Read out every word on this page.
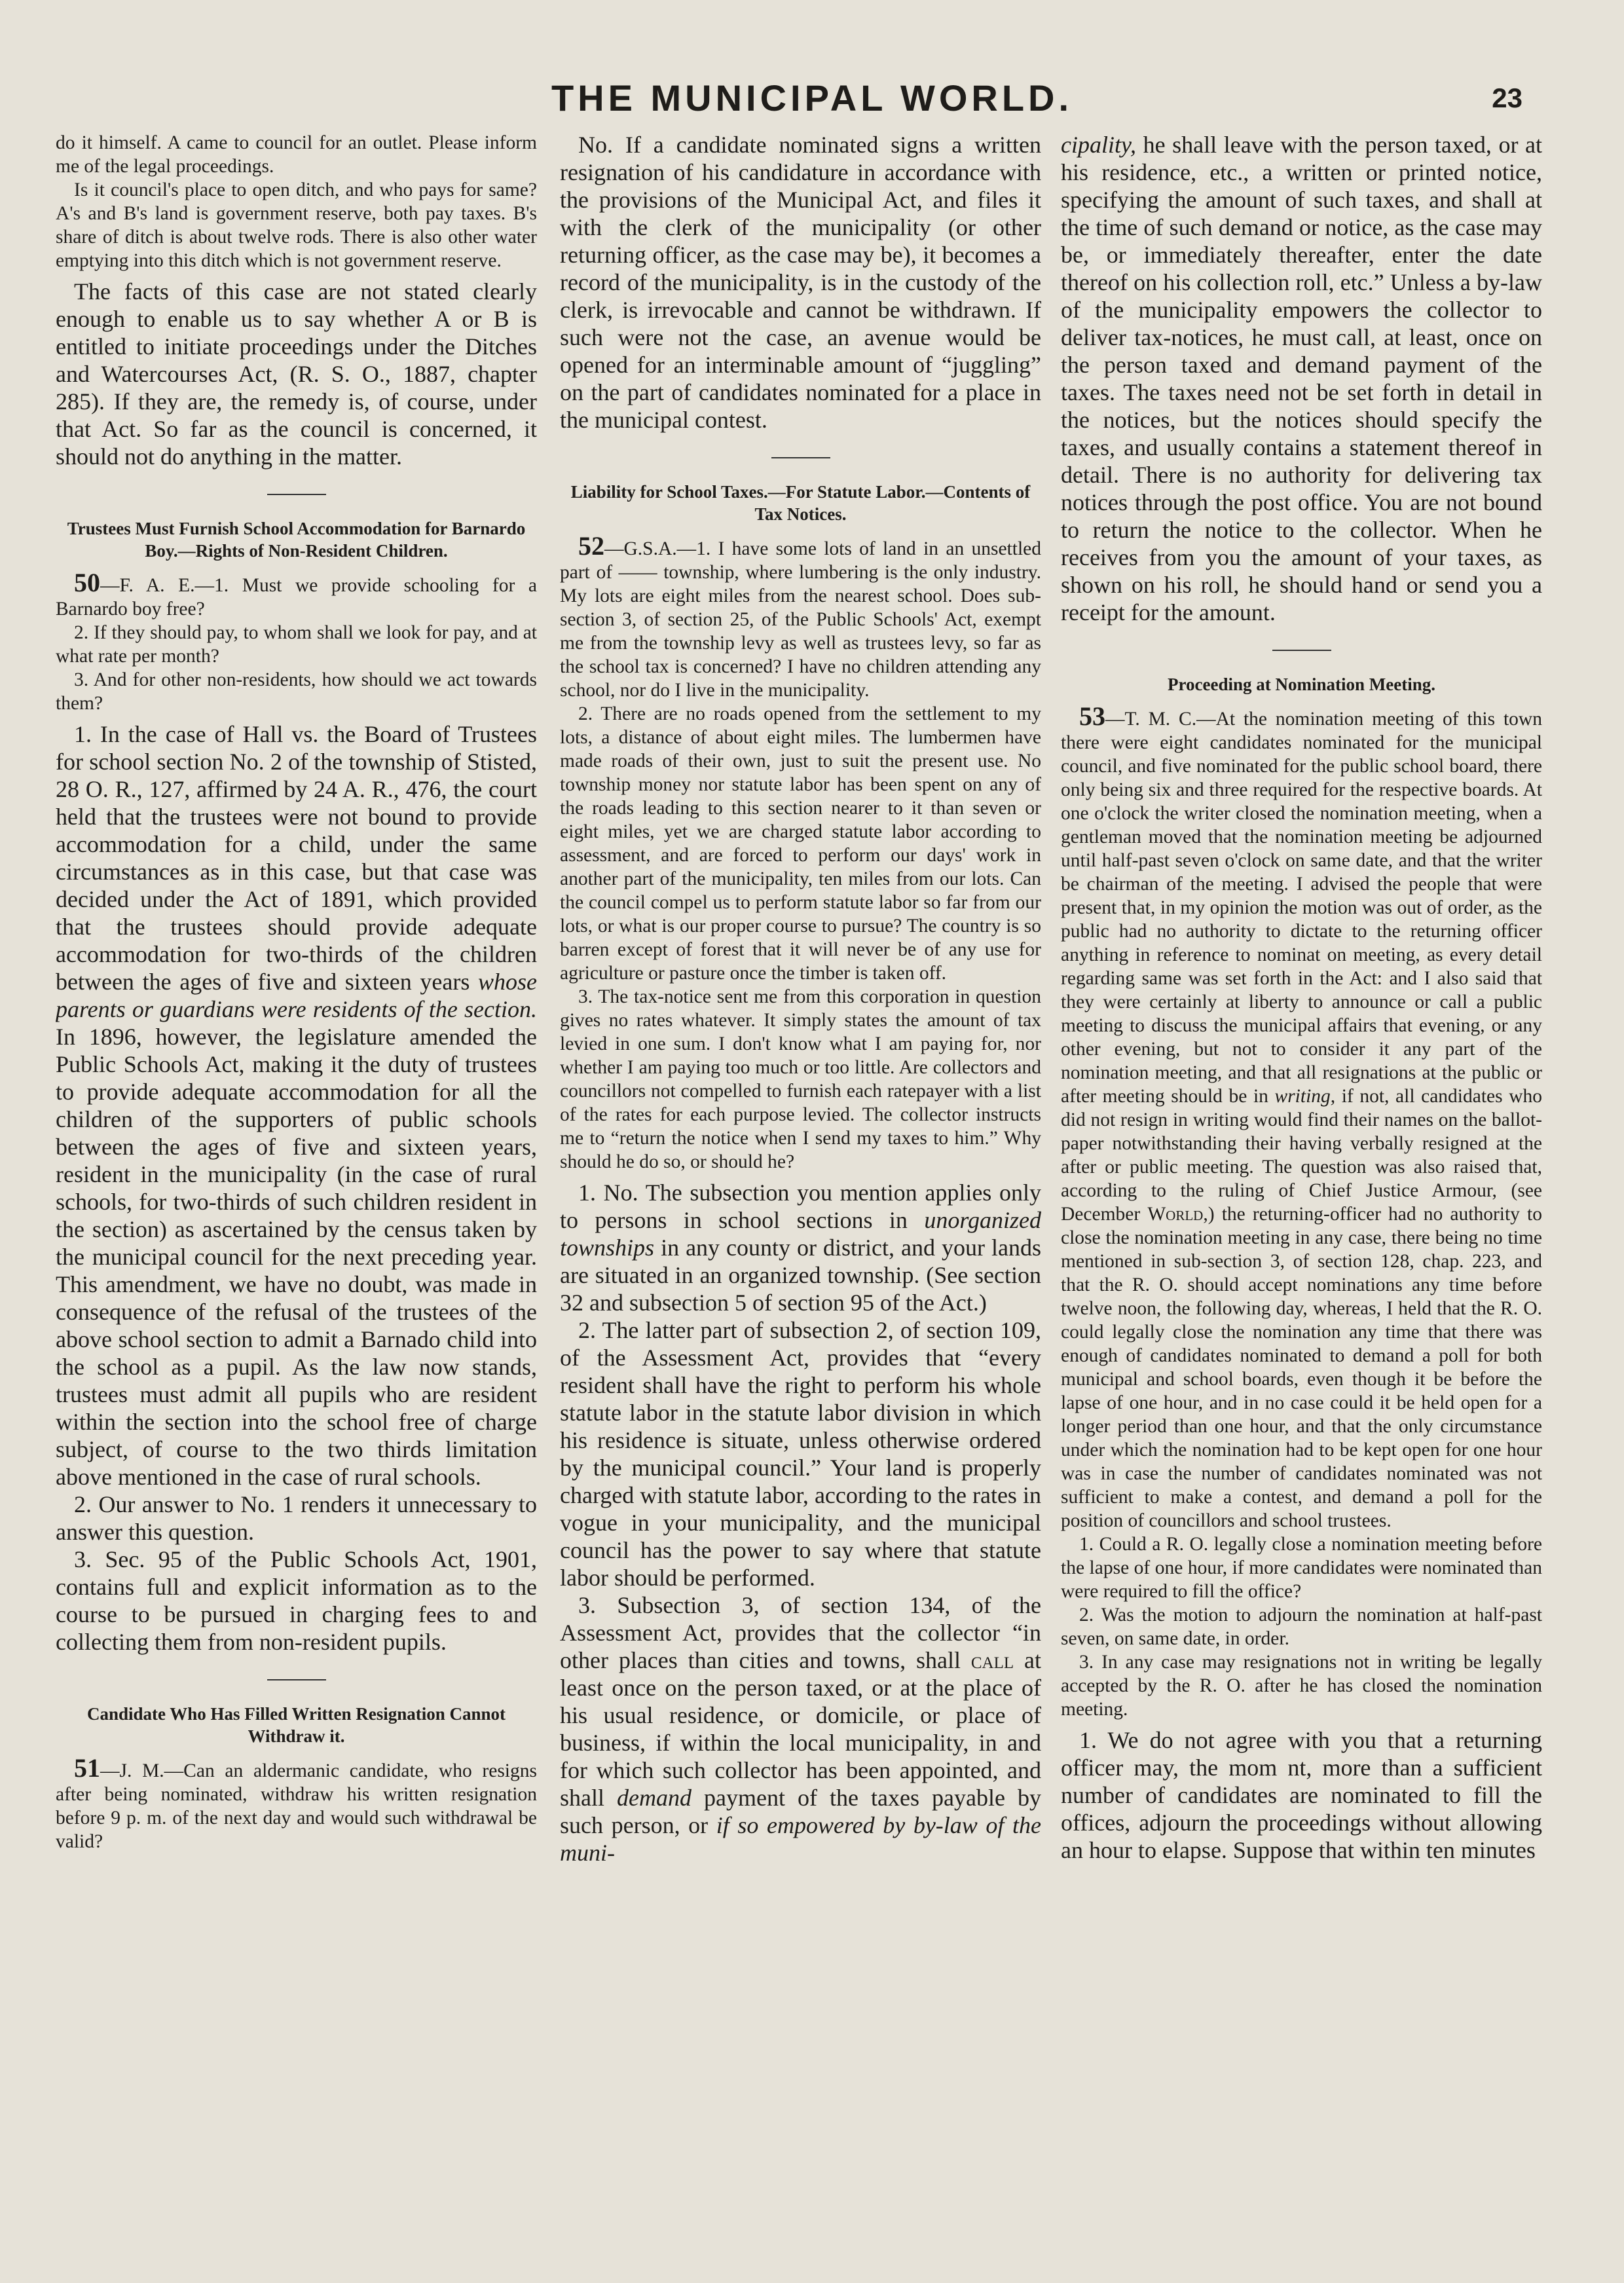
THE MUNICIPAL WORLD.	23

do it himself. A came to council for an outlet. Please inform me of the legal proceedings.

Is it council's place to open ditch, and who pays for same? A's and B's land is government reserve, both pay taxes. B's share of ditch is about twelve rods. There is also other water emptying into this ditch which is not government reserve.

The facts of this case are not stated clearly enough to enable us to say whether A or B is entitled to initiate proceedings under the Ditches and Watercourses Act, (R. S. O., 1887, chapter 285). If they are, the remedy is, of course, under that Act. So far as the council is concerned, it should not do anything in the matter.

Trustees Must Furnish School Accommodation for Barnardo Boy.—Rights of Non-Resident Children.

50—F. A. E.—1. Must we provide schooling for a Barnardo boy free?

2. If they should pay, to whom shall we look for pay, and at what rate per month?

3. And for other non-residents, how should we act towards them?

1. In the case of Hall vs. the Board of Trustees for school section No. 2 of the township of Stisted, 28 O. R., 127, affirmed by 24 A. R., 476, the court held that the trustees were not bound to provide accommodation for a child, under the same circumstances as in this case, but that case was decided under the Act of 1891, which provided that the trustees should provide adequate accommodation for two-thirds of the children between the ages of five and sixteen years whose parents or guardians were residents of the section. In 1896, however, the legislature amended the Public Schools Act, making it the duty of trustees to provide adequate accommodation for all the children of the supporters of public schools between the ages of five and sixteen years, resident in the municipality (in the case of rural schools, for two-thirds of such children resident in the section) as ascertained by the census taken by the municipal council for the next preceding year. This amendment, we have no doubt, was made in consequence of the refusal of the trustees of the above school section to admit a Barnado child into the school as a pupil. As the law now stands, trustees must admit all pupils who are resident within the section into the school free of charge subject, of course to the two thirds limitation above mentioned in the case of rural schools.

2. Our answer to No. 1 renders it unnecessary to answer this question.

3. Sec. 95 of the Public Schools Act, 1901, contains full and explicit information as to the course to be pursued in charging fees to and collecting them from non-resident pupils.

Candidate Who Has Filled Written Resignation Cannot Withdraw it.

51—J. M.—Can an aldermanic candidate, who resigns after being nominated, withdraw his written resignation before 9 p. m. of the next day and would such withdrawal be valid?

No. If a candidate nominated signs a written resignation of his candidature in accordance with the provisions of the Municipal Act, and files it with the clerk of the municipality (or other returning officer, as the case may be), it becomes a record of the municipality, is in the custody of the clerk, is irrevocable and cannot be withdrawn. If such were not the case, an avenue would be opened for an interminable amount of “juggling” on the part of candidates nominated for a place in the municipal contest.

Liability for School Taxes.—For Statute Labor.—Contents of Tax Notices.

52—G.S.A.—1. I have some lots of land in an unsettled part of —— township, where lumbering is the only industry. My lots are eight miles from the nearest school. Does sub-section 3, of section 25, of the Public Schools' Act, exempt me from the township levy as well as trustees levy, so far as the school tax is concerned? I have no children attending any school, nor do I live in the municipality.

2. There are no roads opened from the settlement to my lots, a distance of about eight miles. The lumbermen have made roads of their own, just to suit the present use. No township money nor statute labor has been spent on any of the roads leading to this section nearer to it than seven or eight miles, yet we are charged statute labor according to assessment, and are forced to perform our days' work in another part of the municipality, ten miles from our lots. Can the council compel us to perform statute labor so far from our lots, or what is our proper course to pursue? The country is so barren except of forest that it will never be of any use for agriculture or pasture once the timber is taken off.

3. The tax-notice sent me from this corporation in question gives no rates whatever. It simply states the amount of tax levied in one sum. I don't know what I am paying for, nor whether I am paying too much or too little. Are collectors and councillors not compelled to furnish each ratepayer with a list of the rates for each purpose levied. The collector instructs me to “return the notice when I send my taxes to him.” Why should he do so, or should he?

1. No. The subsection you mention applies only to persons in school sections in unorganized townships in any county or district, and your lands are situated in an organized township. (See section 32 and subsection 5 of section 95 of the Act.)

2. The latter part of subsection 2, of section 109, of the Assessment Act, provides that “every resident shall have the right to perform his whole statute labor in the statute labor division in which his residence is situate, unless otherwise ordered by the municipal council.” Your land is properly charged with statute labor, according to the rates in vogue in your municipality, and the municipal council has the power to say where that statute labor should be performed.

3. Subsection 3, of section 134, of the Assessment Act, provides that the collector “in other places than cities and towns, shall call at least once on the person taxed, or at the place of his usual residence, or domicile, or place of business, if within the local municipality, in and for which such collector has been appointed, and shall demand payment of the taxes payable by such person, or if so empowered by by-law of the muni-

cipality, he shall leave with the person taxed, or at his residence, etc., a written or printed notice, specifying the amount of such taxes, and shall at the time of such demand or notice, as the case may be, or immediately thereafter, enter the date thereof on his collection roll, etc.” Unless a by-law of the municipality empowers the collector to deliver tax-notices, he must call, at least, once on the person taxed and demand payment of the taxes. The taxes need not be set forth in detail in the notices, but the notices should specify the taxes, and usually contains a statement thereof in detail. There is no authority for delivering tax notices through the post office. You are not bound to return the notice to the collector. When he receives from you the amount of your taxes, as shown on his roll, he should hand or send you a receipt for the amount.

Proceeding at Nomination Meeting.

53—T. M. C.—At the nomination meeting of this town there were eight candidates nominated for the municipal council, and five nominated for the public school board, there only being six and three required for the respective boards. At one o'clock the writer closed the nomination meeting, when a gentleman moved that the nomination meeting be adjourned until half-past seven o'clock on same date, and that the writer be chairman of the meeting. I advised the people that were present that, in my opinion the motion was out of order, as the public had no authority to dictate to the returning officer anything in reference to nominat on meeting, as every detail regarding same was set forth in the Act: and I also said that they were certainly at liberty to announce or call a public meeting to discuss the municipal affairs that evening, or any other evening, but not to consider it any part of the nomination meeting, and that all resignations at the public or after meeting should be in writing, if not, all candidates who did not resign in writing would find their names on the ballot-paper notwithstanding their having verbally resigned at the after or public meeting. The question was also raised that, according to the ruling of Chief Justice Armour, (see December World,) the returning-officer had no authority to close the nomination meeting in any case, there being no time mentioned in sub-section 3, of section 128, chap. 223, and that the R. O. should accept nominations any time before twelve noon, the following day, whereas, I held that the R. O. could legally close the nomination any time that there was enough of candidates nominated to demand a poll for both municipal and school boards, even though it be before the lapse of one hour, and in no case could it be held open for a longer period than one hour, and that the only circumstance under which the nomination had to be kept open for one hour was in case the number of candidates nominated was not sufficient to make a contest, and demand a poll for the position of councillors and school trustees.

1. Could a R. O. legally close a nomination meeting before the lapse of one hour, if more candidates were nominated than were required to fill the office?

2. Was the motion to adjourn the nomination at half-past seven, on same date, in order.

3. In any case may resignations not in writing be legally accepted by the R. O. after he has closed the nomination meeting.

1. We do not agree with you that a returning officer may, the mom nt, more than a sufficient number of candidates are nominated to fill the offices, adjourn the proceedings without allowing an hour to elapse. Suppose that within ten minutes
